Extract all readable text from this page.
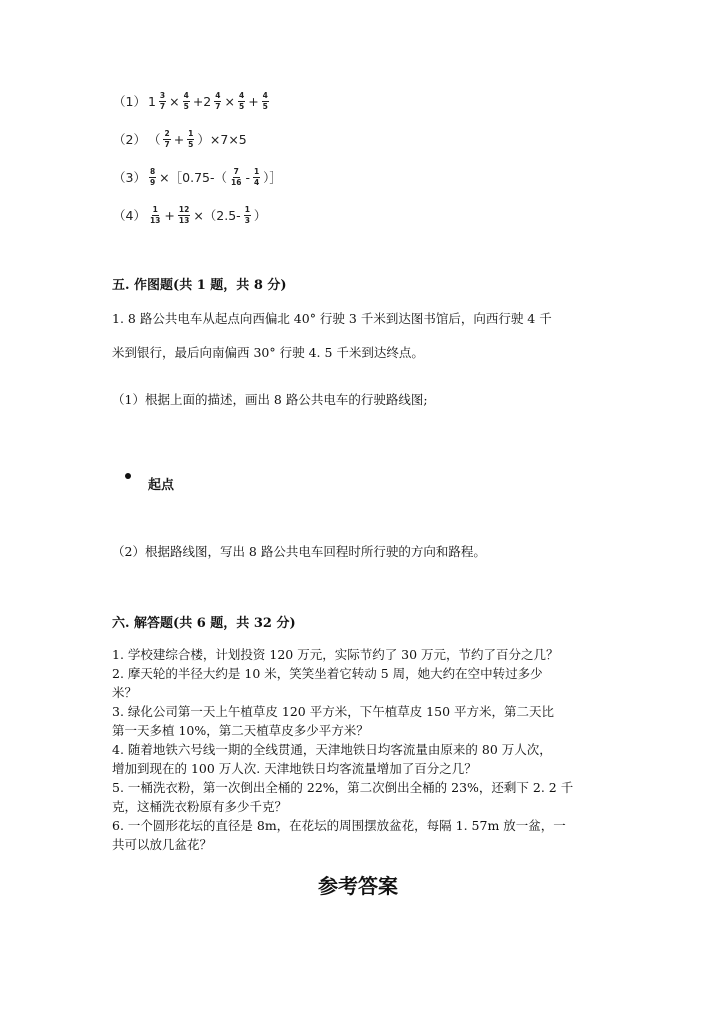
（1） $1 \frac{3}{7} \times \frac{4}{5} +2 \frac{4}{7} \times \frac{4}{5} + \frac{4}{5}$
（2） （ $\frac{2}{7} + \frac{1}{5} )\times 7\times 5$
$(3) \frac{8}{9}$ ×［0.75-（ $\frac{7}{16} - \frac{1}{4}$ ）］
$(4) \frac{1}{13} + \frac{12}{13} \times(2.5- \frac{1}{3}$ ）
五. 作图题(共 1 题，共 8 分)
1. 8 路公共电车从起点向西偏北 40° 行驶 3 千米到达图书馆后，向西行驶 4 千
米到银行，最后向南偏西 30° 行驶 4. 5 千米到达终点。
（1）根据上面的描述，画出 8 路公共电车的行驶路线图;
起点
（2）根据路线图，写出 8 路公共电车回程时所行驶的方向和路程。
六. 解答题(共 6 题，共 32 分)
1. 学校建综合楼，计划投资 120 万元，实际节约了 30 万元，节约了百分之几？
2. 摩天轮的半径大约是 10 米，笑笑坐着它转动 5 周，她大约在空中转过多少
米？
3. 绿化公司第一天上午植草皮 120 平方米，下午植草皮 150 平方米，第二天比
第一天多植 10%，第二天植草皮多少平方米？
4. 随着地铁六号线一期的全线贯通，天津地铁日均客流量由原来的 80 万人次，
增加到现在的 100 万人次. 天津地铁日均客流量增加了百分之几？
5. 一桶洗衣粉，第一次倒出全桶的 22%，第二次倒出全桶的 23%，还剩下 2. 2 千
克，这桶洗衣粉原有多少千克？
6. 一个圆形花坛的直径是 8m，在花坛的周围摆放盆花，每隔 1. 57m 放一盆，一
共可以放几盆花？
参考答案
